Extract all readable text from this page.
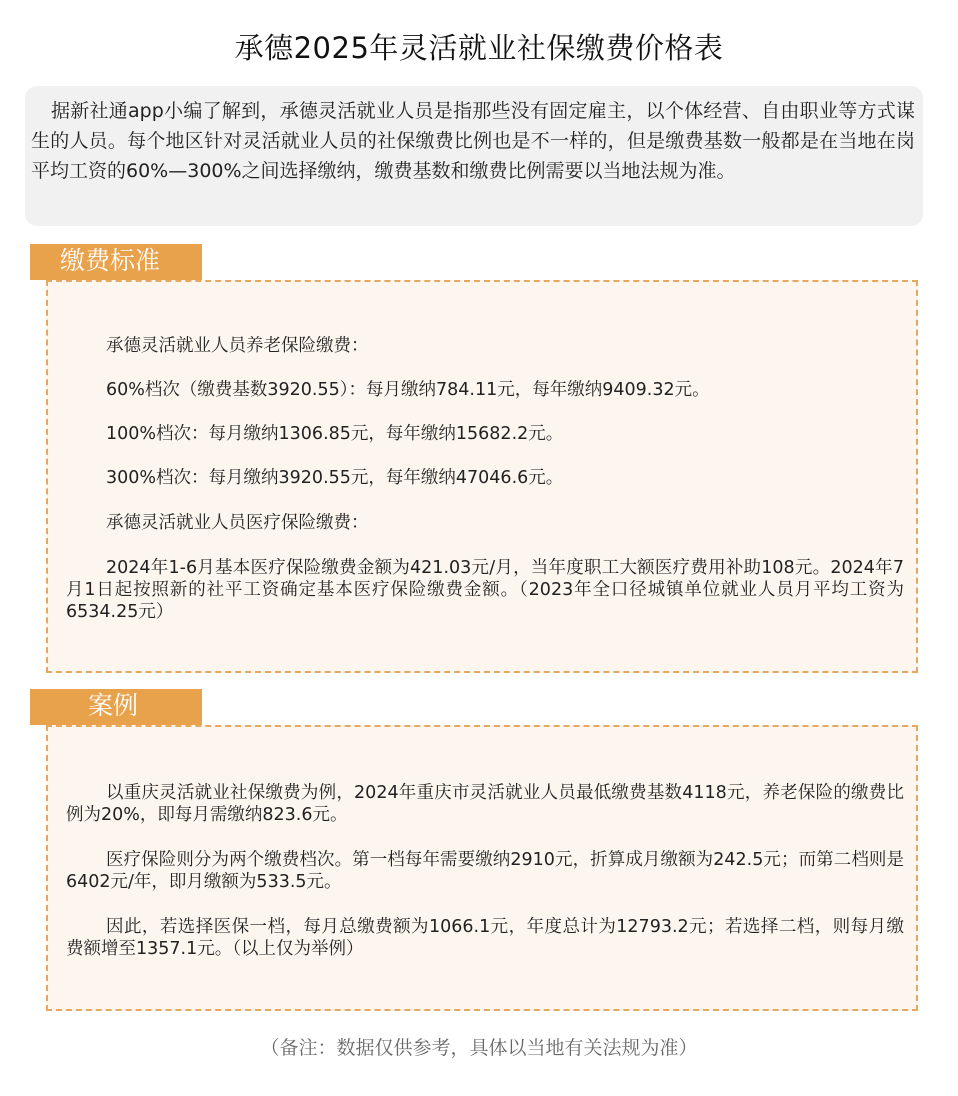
承德2025年灵活就业社保缴费价格表
据新社通app小编了解到，承德灵活就业人员是指那些没有固定雇主，以个体经营、自由职业等方式谋生的人员。每个地区针对灵活就业人员的社保缴费比例也是不一样的，但是缴费基数一般都是在当地在岗平均工资的60%—300%之间选择缴纳，缴费基数和缴费比例需要以当地法规为准。
缴费标准
承德灵活就业人员养老保险缴费：
60%档次（缴费基数3920.55）：每月缴纳784.11元，每年缴纳9409.32元。
100%档次：每月缴纳1306.85元，每年缴纳15682.2元。
300%档次：每月缴纳3920.55元，每年缴纳47046.6元。
承德灵活就业人员医疗保险缴费：
2024年1-6月基本医疗保险缴费金额为421.03元/月，当年度职工大额医疗费用补助108元。2024年7月1日起按照新的社平工资确定基本医疗保险缴费金额。（2023年全口径城镇单位就业人员月平均工资为6534.25元）
案例
以重庆灵活就业社保缴费为例，2024年重庆市灵活就业人员最低缴费基数4118元，养老保险的缴费比例为20%，即每月需缴纳823.6元。
医疗保险则分为两个缴费档次。第一档每年需要缴纳2910元，折算成月缴额为242.5元；而第二档则是6402元/年，即月缴额为533.5元。
因此，若选择医保一档，每月总缴费额为1066.1元，年度总计为12793.2元；若选择二档，则每月缴费额增至1357.1元。（以上仅为举例）
（备注：数据仅供参考，具体以当地有关法规为准）
